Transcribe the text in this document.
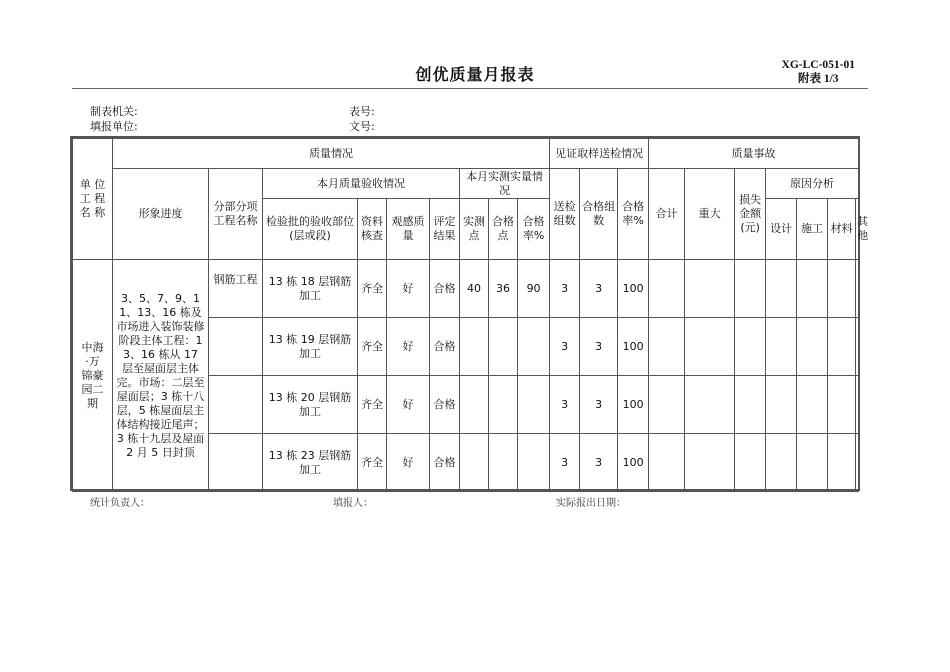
XG-LC-051-01
附表 1/3
创优质量月报表
制表机关:
填报单位:
表号:
文号:
单 位 工 程 名 称	质量情况									见证取样送检情况			质量事故						
	形象进度	分部分项工程名称	本月质量验收情况				本月实测实量情况			送检组数	合格组数	合格率%	合计	重大	损失金额(元)	原因分析			
			检验批的验收部位(层或段)	资料核查	观感质量	评定结果	实测点	合格点	合格率%							设计	施工	材料	其他
中海·万锦豪园二期	3、5、7、9、11、13、16 栋及市场进入装饰装修阶段主体工程：13、16 栋从 17 层至屋面层主体完。市场：二层至屋面层；3 栋十八层，5 栋屋面层主体结构接近尾声；3 栋十九层及屋面 2 月 5 日封顶	钢筋工程	13 栋 18 层钢筋加工	齐全	好	合格	40	36	90	3	3	100							
			13 栋 19 层钢筋加工	齐全	好	合格				3	3	100							
			13 栋 20 层钢筋加工	齐全	好	合格				3	3	100							
			13 栋 23 层钢筋加工	齐全	好	合格				3	3	100							
统计负责人：	填报人：	实际报出日期：
